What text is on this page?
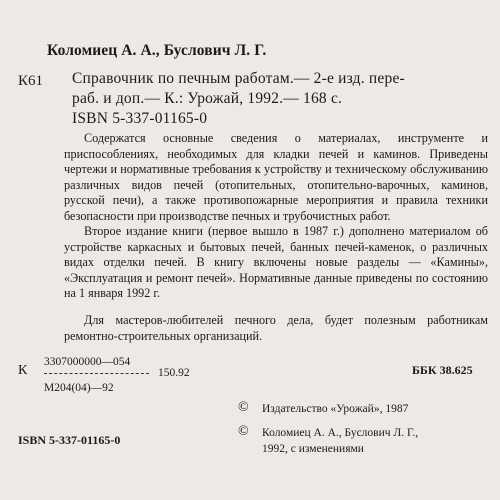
Коломиец А. А., Буслович Л. Г.
К61 Справочник по печным работам.— 2-е изд. пере-
раб. и доп.— К.: Урожай, 1992.— 168 с.
ISBN 5-337-01165-0

Содержатся основные сведения о материалах, инструменте и приспособлениях, необходимых для кладки печей и каминов. Приведены чертежи и нормативные требования к устройству и техническому обслуживанию различных видов печей (отопительных, отопительно-варочных, каминов, русской печи), а также противопожарные мероприятия и правила техники безопасности при производстве печных и трубочистных работ.

Второе издание книги (первое вышло в 1987 г.) дополнено материалом об устройстве каркасных и бытовых печей, банных печей-каменок, о различных видах отделки печей. В книгу включены новые разделы — «Камины», «Эксплуатация и ремонт печей». Нормативные данные приведены по состоянию на 1 января 1992 г.

Для мастеров-любителей печного дела, будет полезным работникам ремонтно-строительных организаций.

К
3307000000—054
150.92
М204(04)—92
ББК 38.625
© Издательство «Урожай», 1987
© Коломиец А. А., Буслович Л. Г.,
1992, с изменениями
ISBN 5-337-01165-0
